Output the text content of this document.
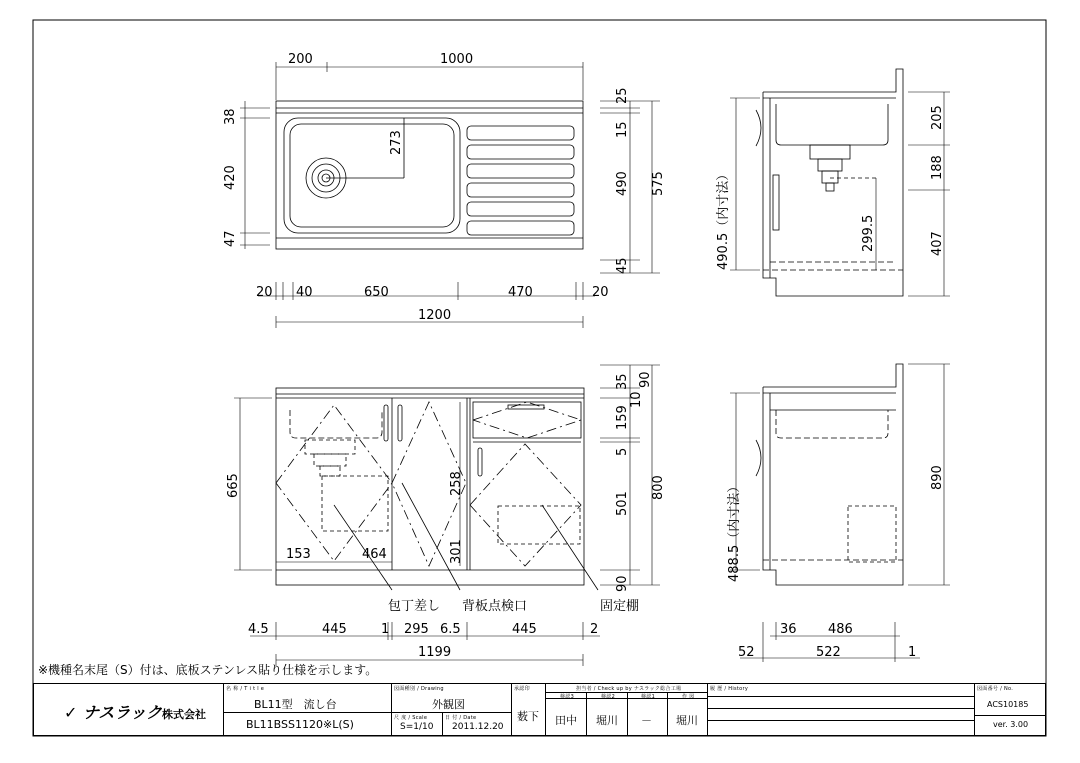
200	1000
38
420
47
25
15
490 575
45
273
20 40	650	470	20
1200
490.5（内寸法）	299.5
205
188
407
665
35 90
10
159
5
800
501
90
258
301
153	464
包丁差し 背板点検口	固定棚
4.5	445	1 295 6.5	445	2
1199
488.5（内寸法）
890
36 486
52	522	1
※機種名末尾（S）付は、底板ステンレス貼り仕様を示します。
✓ ナスラック株式会社
名 称 / T i t l e
BL11型　流し台
BL11BSS1120※L(S)
図面種別 / Drawing
外観図
尺 度 / Scale
S=1/10
日 付 / Date
2011.12.20
承認印
薮下
担当者 / Check up by ナスラック総合工場
検認3	検認2	検認1	作 図
田中 堀川 － 堀川
履 歴 / History	図面番号 / No.
ACS10185
ver. 3.00
